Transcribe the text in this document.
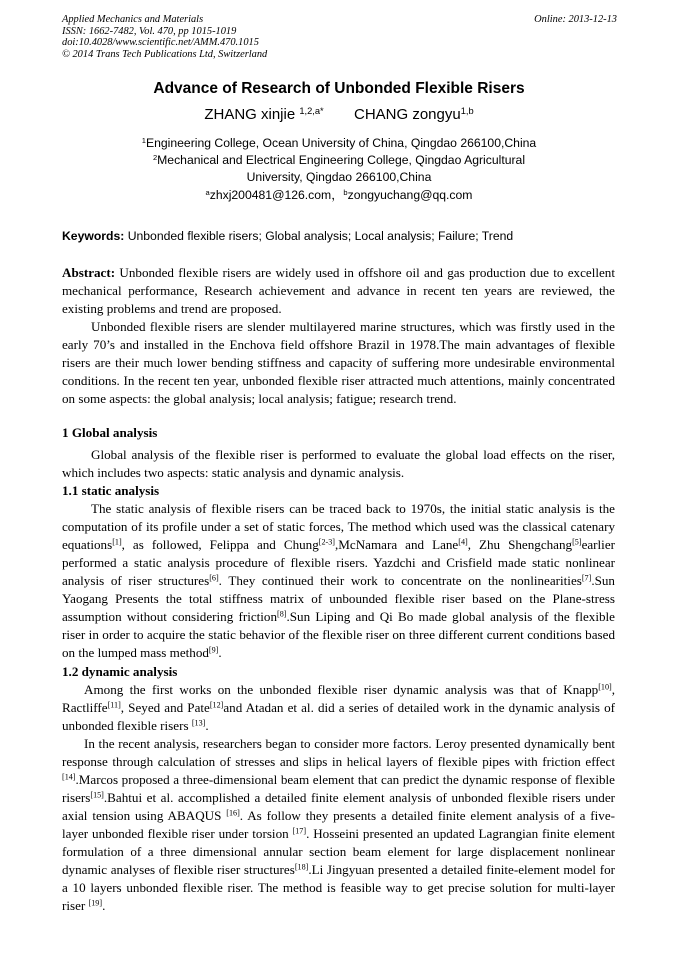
Applied Mechanics and Materials
ISSN: 1662-7482, Vol. 470, pp 1015-1019
doi:10.4028/www.scientific.net/AMM.470.1015
© 2014 Trans Tech Publications Ltd, Switzerland
Online: 2013-12-13
Advance of Research of Unbonded Flexible Risers
ZHANG xinjie $^{1,2,a*}$ CHANG zongyu$^{1,b}$
$^1$Engineering College, Ocean University of China, Qingdao 266100,China
$^2$Mechanical and Electrical Engineering College, Qingdao Agricultural
University, Qingdao 266100,China
$^a$zhxj200481@126.com，$^b$zongyuchang@qq.com
Keywords: Unbonded flexible risers; Global analysis; Local analysis; Failure; Trend

Abstract: Unbonded flexible risers are widely used in offshore oil and gas production due to excellent mechanical performance, Research achievement and advance in recent ten years are reviewed, the existing problems and trend are proposed.

Unbonded flexible risers are slender multilayered marine structures, which was firstly used in the early 70’s and installed in the Enchova field offshore Brazil in 1978.The main advantages of flexible risers are their much lower bending stiffness and capacity of suffering more undesirable environmental conditions. In the recent ten year, unbonded flexible riser attracted much attentions, mainly concentrated on some aspects: the global analysis; local analysis; fatigue; research trend.

1 Global analysis

Global analysis of the flexible riser is performed to evaluate the global load effects on the riser, which includes two aspects: static analysis and dynamic analysis.

1.1 static analysis

The static analysis of flexible risers can be traced back to 1970s, the initial static analysis is the computation of its profile under a set of static forces, The method which used was the classical catenary equations[1], as followed, Felippa and Chung[2-3],McNamara and Lane[4], Zhu Shengchang[5]earlier performed a static analysis procedure of flexible risers. Yazdchi and Crisfield made static nonlinear analysis of riser structures[6]. They continued their work to concentrate on the nonlinearities[7].Sun Yaogang Presents the total stiffness matrix of unbounded flexible riser based on the Plane-stress assumption without considering friction[8].Sun Liping and Qi Bo made global analysis of the flexible riser in order to acquire the static behavior of the flexible riser on three different current conditions based on the lumped mass method[9].

1.2 dynamic analysis

Among the first works on the unbonded flexible riser dynamic analysis was that of Knapp[10], Ractliffe[11], Seyed and Pate[12]and Atadan et al. did a series of detailed work in the dynamic analysis of unbonded flexible risers [13].

In the recent analysis, researchers began to consider more factors. Leroy presented dynamically bent response through calculation of stresses and slips in helical layers of flexible pipes with friction effect [14].Marcos proposed a three-dimensional beam element that can predict the dynamic response of flexible risers[15].Bahtui et al. accomplished a detailed finite element analysis of unbonded flexible risers under axial tension using ABAQUS [16]. As follow they presents a detailed finite element analysis of a five-layer unbonded flexible riser under torsion [17]. Hosseini presented an updated Lagrangian finite element formulation of a three dimensional annular section beam element for large displacement nonlinear dynamic analyses of flexible riser structures[18].Li Jingyuan presented a detailed finite-element model for a 10 layers unbonded flexible riser. The method is feasible way to get precise solution for multi-layer riser [19].
